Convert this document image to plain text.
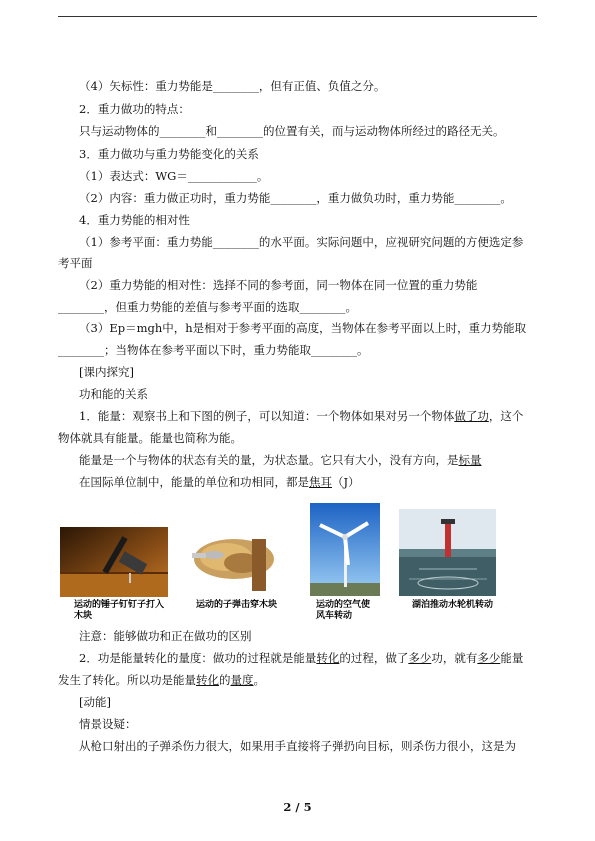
（4）矢标性：重力势能是________，但有正值、负值之分。
2．重力做功的特点：
只与运动物体的________和________的位置有关，而与运动物体所经过的路径无关。
3．重力做功与重力势能变化的关系
（1）表达式：WG＝____________。
（2）内容：重力做正功时，重力势能________，重力做负功时，重力势能________。
4．重力势能的相对性
（1）参考平面：重力势能________的水平面。实际问题中，应视研究问题的方便选定参
考平面
（2）重力势能的相对性：选择不同的参考面，同一物体在同一位置的重力势能
________，但重力势能的差值与参考平面的选取________。
（3）Ep＝mgh中，h是相对于参考平面的高度，当物体在参考平面以上时，重力势能取
________；当物体在参考平面以下时，重力势能取________。
[课内探究]
功和能的关系
1．能量：观察书上和下图的例子，可以知道：一个物体如果对另一个物体做了功，这个
物体就具有能量。能量也简称为能。
能量是一个与物体的状态有关的量，为状态量。它只有大小，没有方向，是标量
在国际单位制中，能量的单位和功相同，都是焦耳（J）
运动的锤子钉钉子打入木块
运动的子弹击穿木块	运动的空气使风车转动
湖泊推动水轮机转动
注意：能够做功和正在做功的区别
2．功是能量转化的量度：做功的过程就是能量转化的过程，做了多少功，就有多少能量
发生了转化。所以功是能量转化的量度。
[动能]
情景设疑：
从枪口射出的子弹杀伤力很大，如果用手直接将子弹扔向目标，则杀伤力很小，这是为
2 / 5
